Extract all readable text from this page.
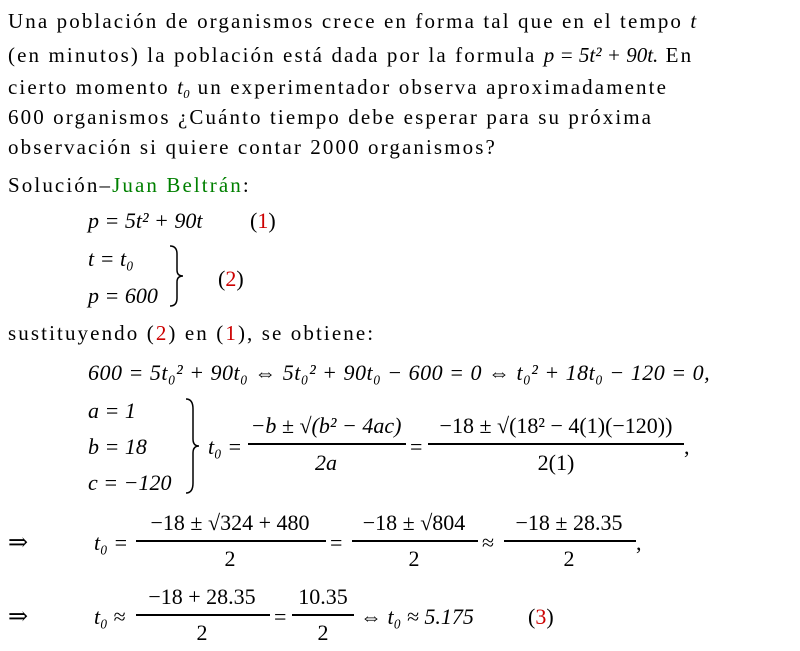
Una población de organismos crece en forma tal que en el tempo t
(en minutos) la población está dada por la formula p = 5t² + 90t. En
cierto momento t₀ un experimentador observa aproximadamente
600 organismos ¿Cuánto tiempo debe esperar para su próxima
observación si quiere contar 2000 organismos?
Solución–Juan Beltrán:
p = 5t² + 90t (1)
t = t₀
p = 600
(2)
sustituyendo (2) en (1), se obtiene:
600 = 5t₀² + 90t₀ ⇔ 5t₀² + 90t₀ − 600 = 0 ⇔ t₀² + 18t₀ − 120 = 0,
a = 1
b = 18
c = −120
t₀ =
−b ± √(b² − 4ac)
2a
=
−18 ± √(18² − 4(1)(−120))
2(1)
,
⇒	t₀ =
−18 ± √324 + 480
2
=
−18 ± √804
2
≈
−18 ± 28.35
2
,
⇒	t₀ ≈
−18 + 28.35
2
=
10.35
2
⇔ t₀ ≈ 5.175 (3)
